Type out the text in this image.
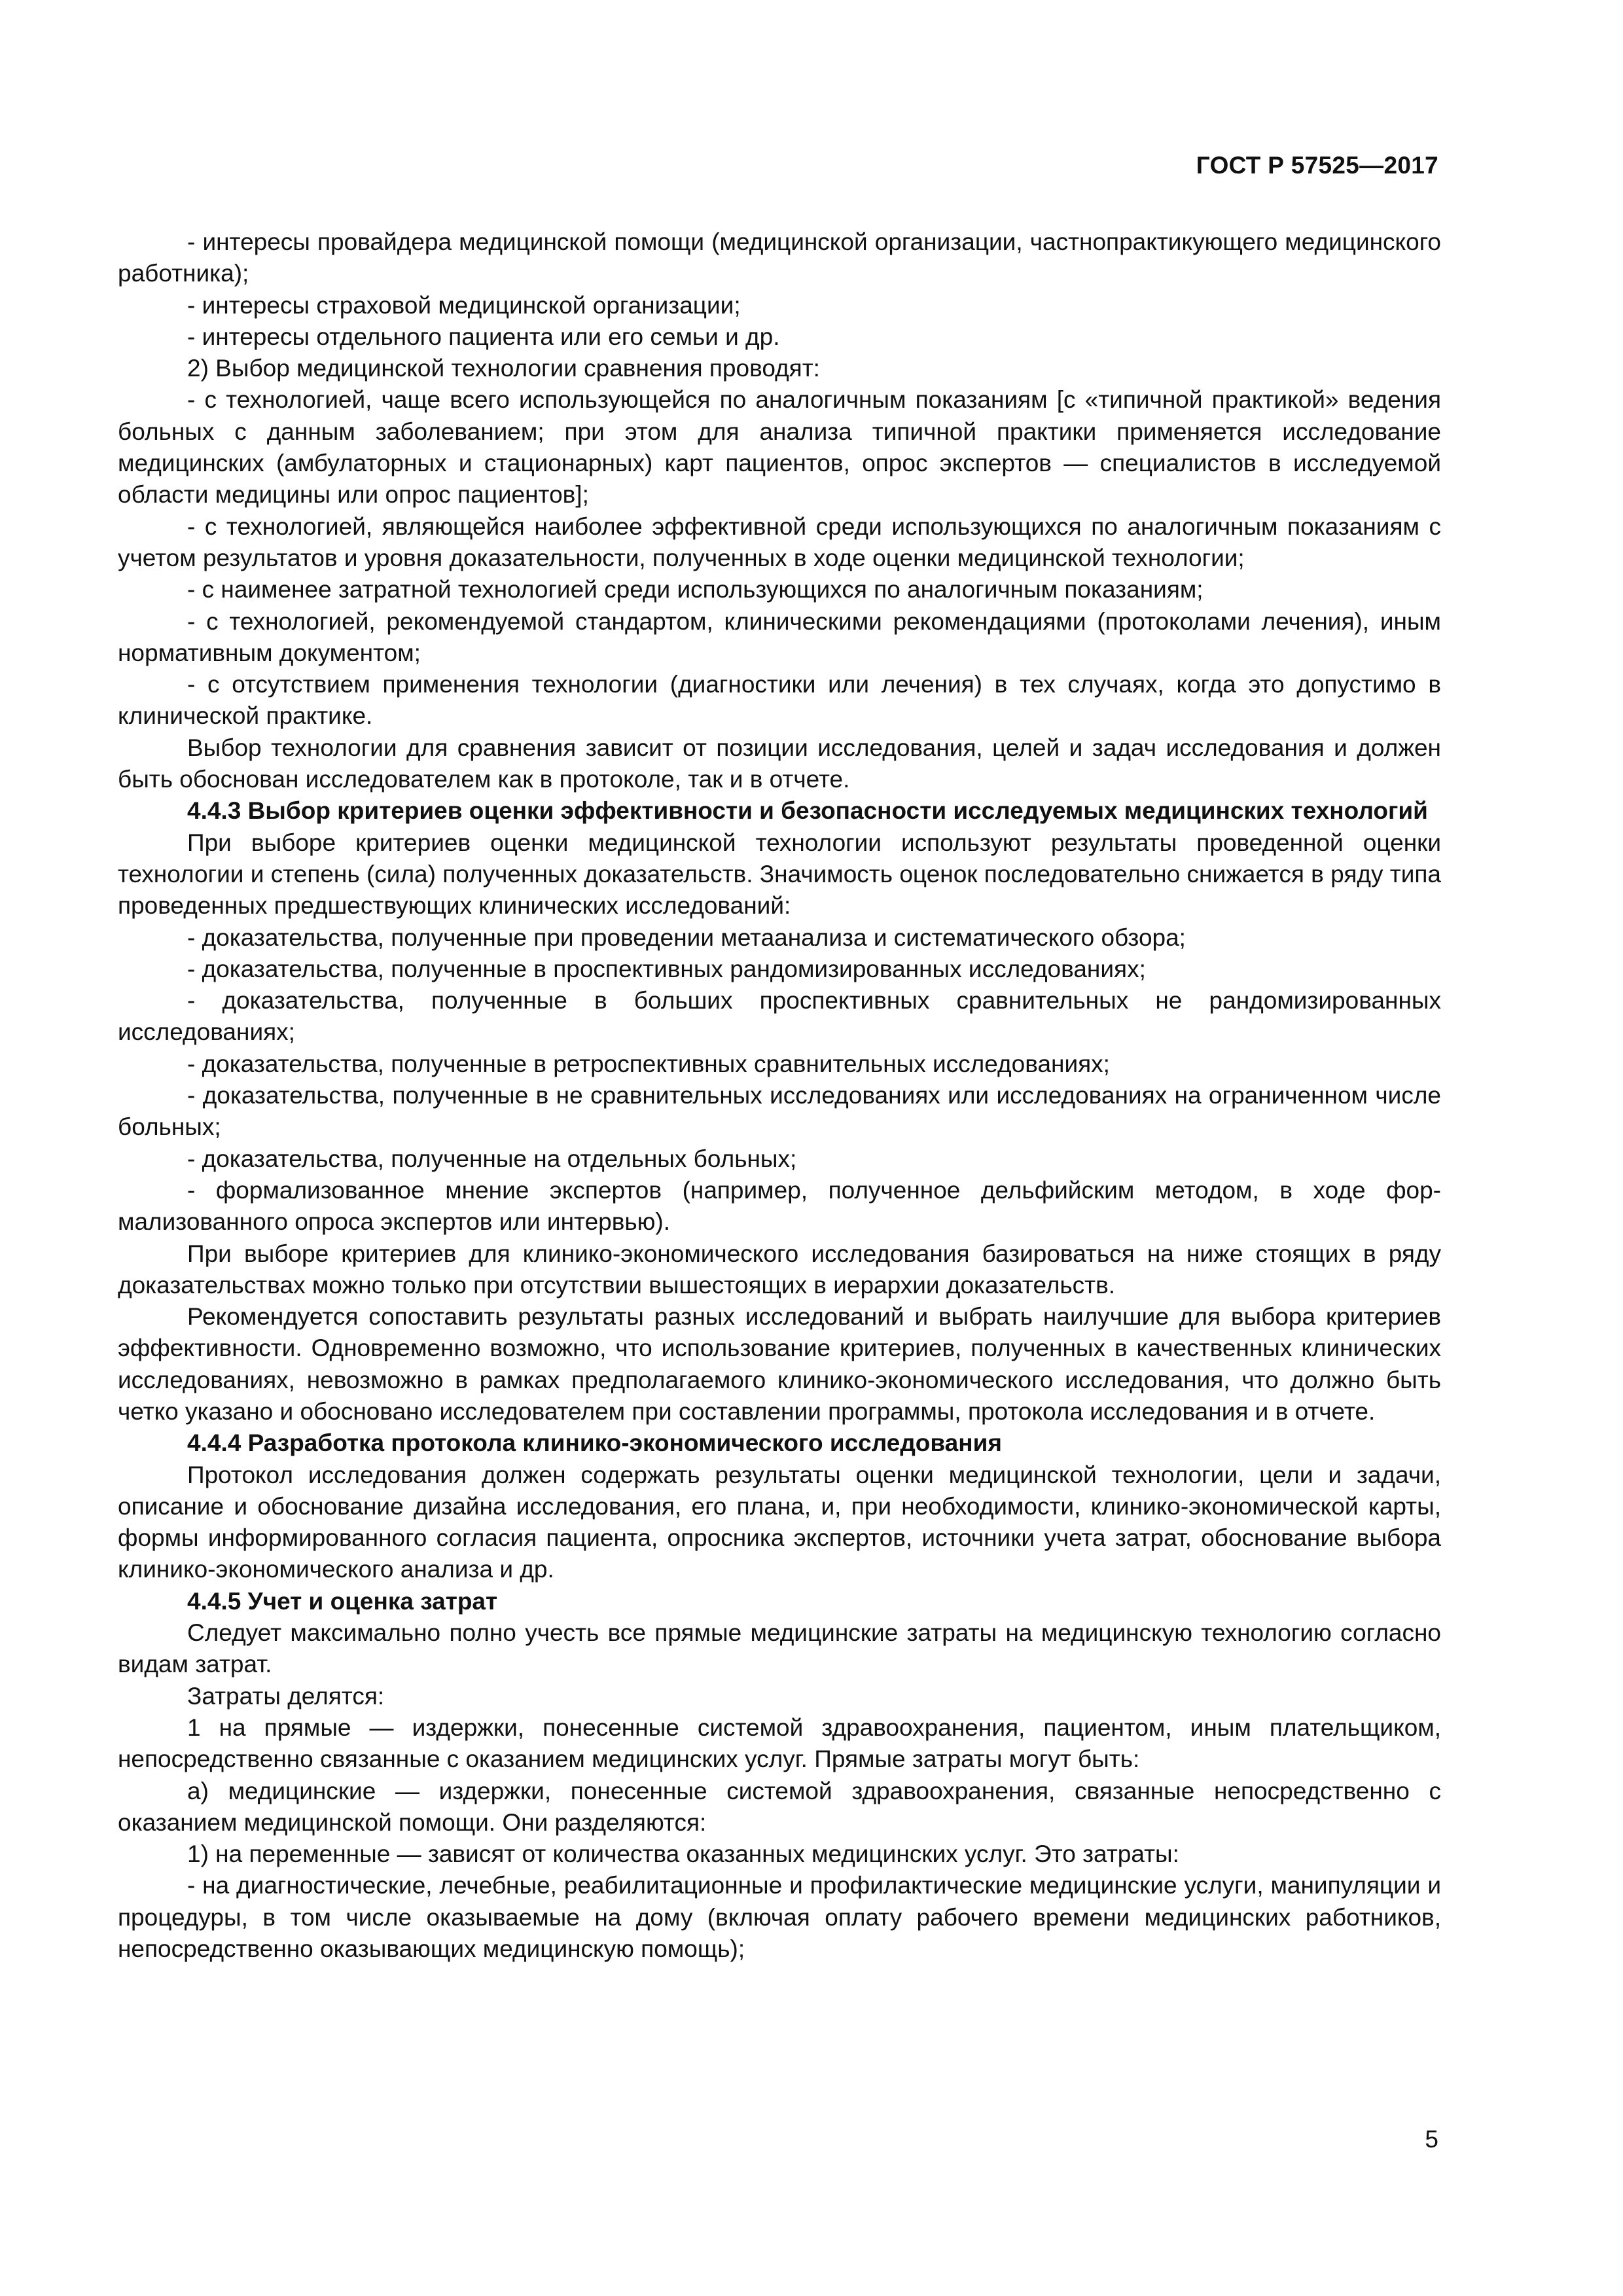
ГОСТ Р 57525—2017

- интересы провайдера медицинской помощи (медицинской организации, частнопрактикующего медицинского работника);

- интересы страховой медицинской организации;

- интересы отдельного пациента или его семьи и др.

2) Выбор медицинской технологии сравнения проводят:

- с технологией, чаще всего использующейся по аналогичным показаниям [с «типичной практикой» ведения больных с данным заболеванием; при этом для анализа типичной практики применяется исследование медицинских (амбулаторных и стационарных) карт пациентов, опрос экспертов — специалистов в исследуемой области медицины или опрос пациентов];

- с технологией, являющейся наиболее эффективной среди использующихся по аналогичным показаниям с учетом результатов и уровня доказательности, полученных в ходе оценки медицинской технологии;

- с наименее затратной технологией среди использующихся по аналогичным показаниям;

- с технологией, рекомендуемой стандартом, клиническими рекомендациями (протоколами лечения), иным нормативным документом;

- с отсутствием применения технологии (диагностики или лечения) в тех случаях, когда это допустимо в клинической практике.

Выбор технологии для сравнения зависит от позиции исследования, целей и задач исследования и должен быть обоснован исследователем как в протоколе, так и в отчете.

4.4.3 Выбор критериев оценки эффективности и безопасности исследуемых медицинских технологий

При выборе критериев оценки медицинской технологии используют результаты проведенной оценки технологии и степень (сила) полученных доказательств. Значимость оценок последовательно снижается в ряду типа проведенных предшествующих клинических исследований:

- доказательства, полученные при проведении метаанализа и систематического обзора;

- доказательства, полученные в проспективных рандомизированных исследованиях;

- доказательства, полученные в больших проспективных сравнительных не рандомизированных исследованиях;

- доказательства, полученные в ретроспективных сравнительных исследованиях;

- доказательства, полученные в не сравнительных исследованиях или исследованиях на ограниченном числе больных;

- доказательства, полученные на отдельных больных;

- формализованное мнение экспертов (например, полученное дельфийским методом, в ходе формализованного опроса экспертов или интервью).

При выборе критериев для клинико-экономического исследования базироваться на ниже стоящих в ряду доказательствах можно только при отсутствии вышестоящих в иерархии доказательств.

Рекомендуется сопоставить результаты разных исследований и выбрать наилучшие для выбора критериев эффективности. Одновременно возможно, что использование критериев, полученных в качественных клинических исследованиях, невозможно в рамках предполагаемого клинико-экономического исследования, что должно быть четко указано и обосновано исследователем при составлении программы, протокола исследования и в отчете.

4.4.4 Разработка протокола клинико-экономического исследования

Протокол исследования должен содержать результаты оценки медицинской технологии, цели и задачи, описание и обоснование дизайна исследования, его плана, и, при необходимости, клинико-экономической карты, формы информированного согласия пациента, опросника экспертов, источники учета затрат, обоснование выбора клинико-экономического анализа и др.

4.4.5 Учет и оценка затрат

Следует максимально полно учесть все прямые медицинские затраты на медицинскую технологию согласно видам затрат.

Затраты делятся:

1 на прямые — издержки, понесенные системой здравоохранения, пациентом, иным плательщиком, непосредственно связанные с оказанием медицинских услуг. Прямые затраты могут быть:

а) медицинские — издержки, понесенные системой здравоохранения, связанные непосредственно с оказанием медицинской помощи. Они разделяются:

1) на переменные — зависят от количества оказанных медицинских услуг. Это затраты:

- на диагностические, лечебные, реабилитационные и профилактические медицинские услуги, манипуляции и процедуры, в том числе оказываемые на дому (включая оплату рабочего времени медицинских работников, непосредственно оказывающих медицинскую помощь);

5
